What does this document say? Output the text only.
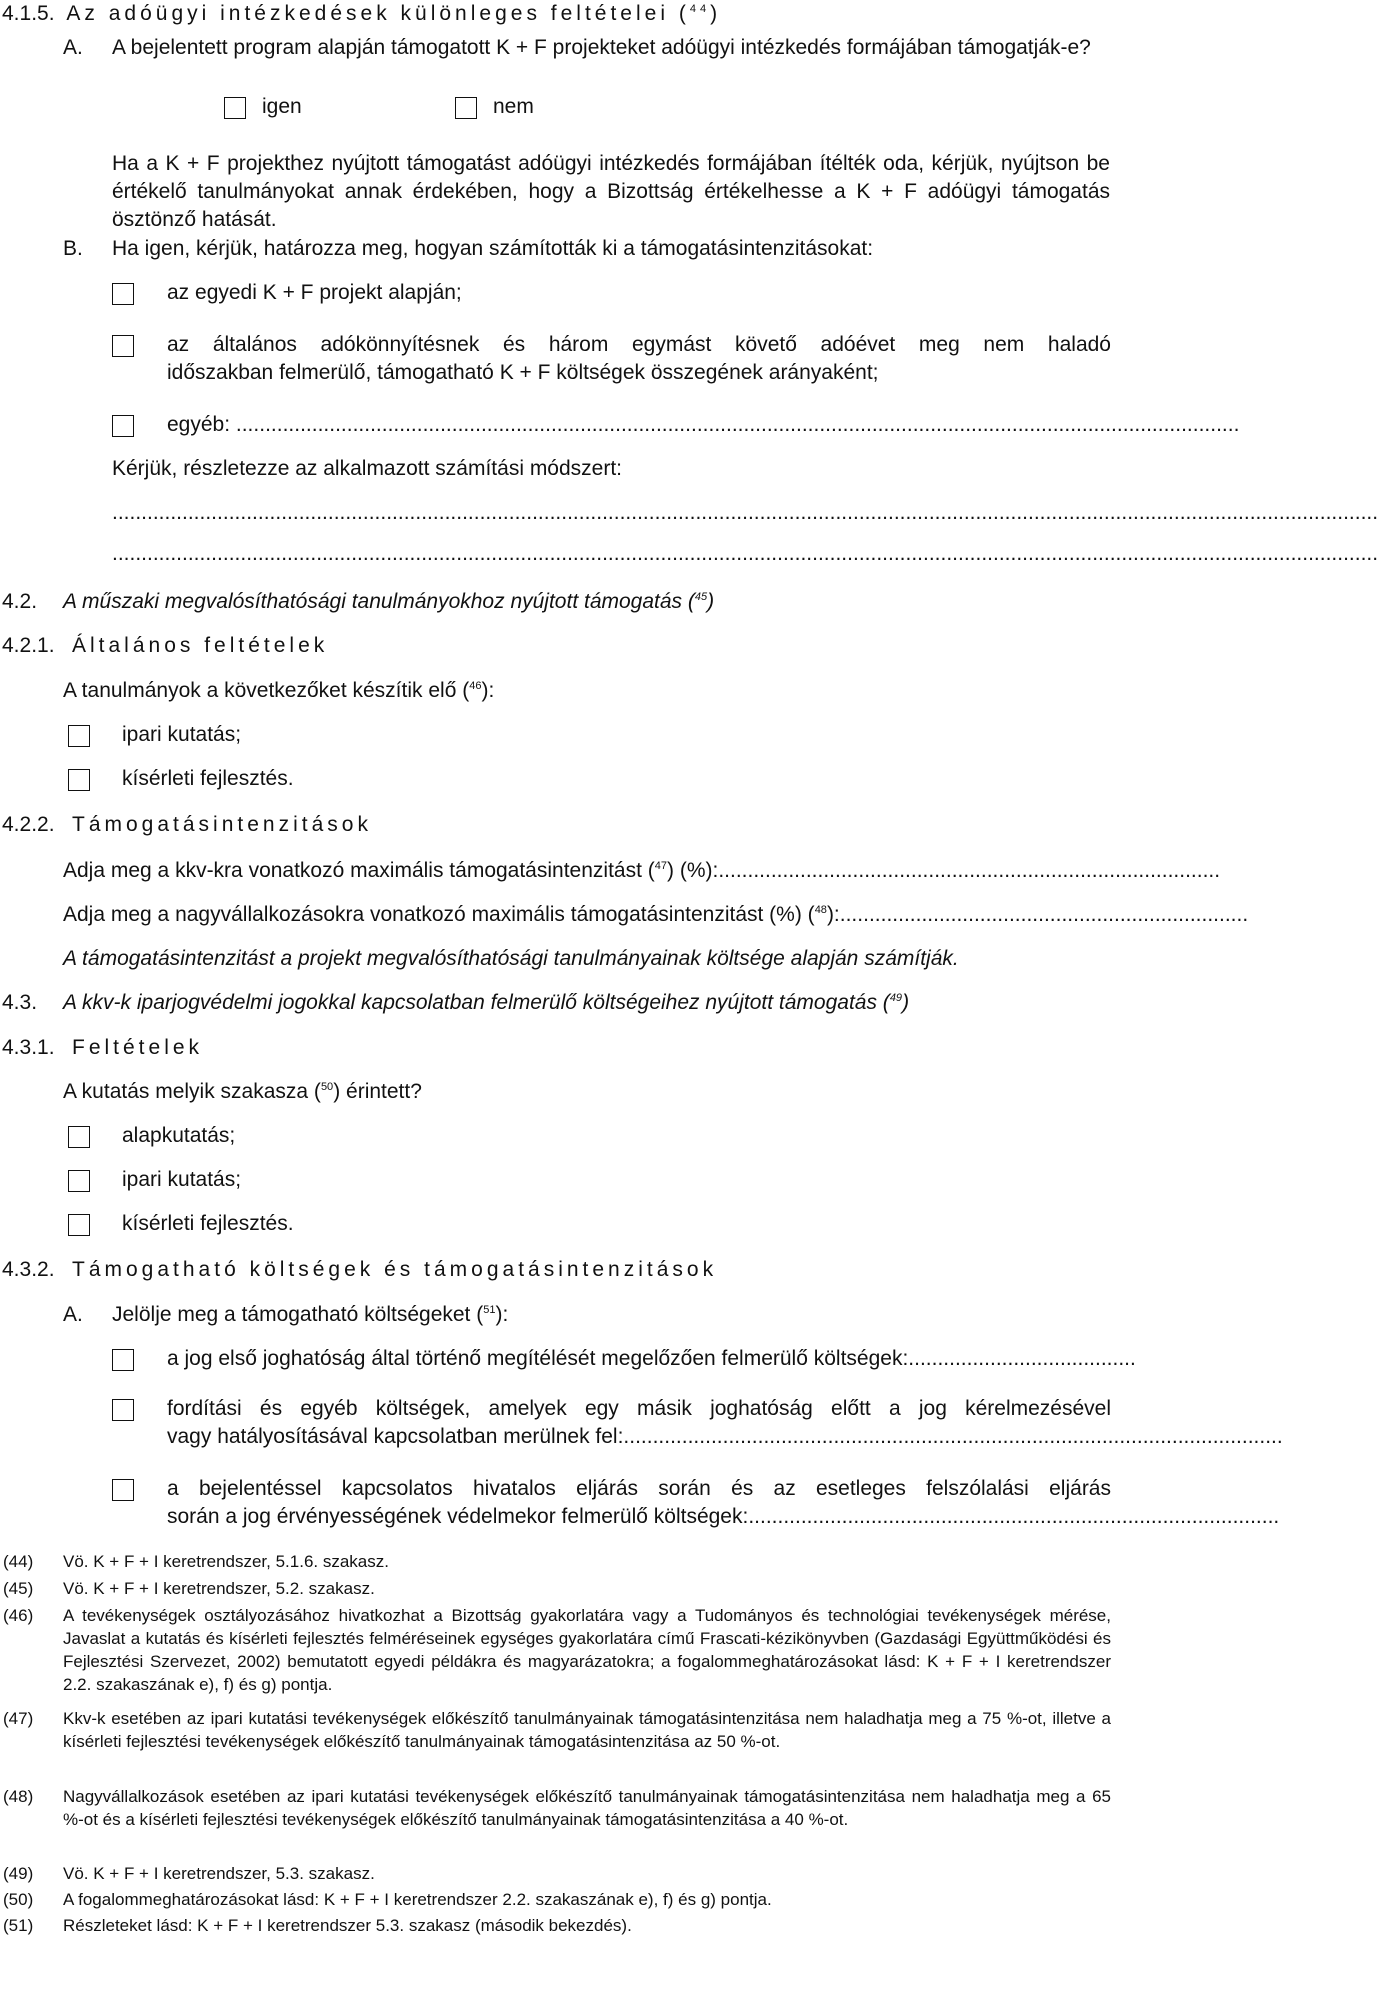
4.1.5. Az adóügyi intézkedések különleges feltételei ($^{44}$)
A. A bejelentett program alapján támogatott K + F projekteket adóügyi intézkedés formájában támogatják-e?
igen	nem
Ha a K + F projekthez nyújtott támogatást adóügyi intézkedés formájában ítélték oda, kérjük, nyújtson be értékelő tanulmányokat annak érdekében, hogy a Bizottság értékelhesse a K + F adóügyi támogatás ösztönző hatását.
B. Ha igen, kérjük, határozza meg, hogyan számították ki a támogatásintenzitásokat:
az egyedi K + F projekt alapján;
az általános adókönnyítésnek és három egymást követő adóévet meg nem haladó
időszakban felmerülő, támogatható K + F költségek összegének arányaként;
egyéb: ............................................................................................................................................................................
Kérjük, részletezze az alkalmazott számítási módszert:
.........................................................................................................................................................................................................................
.........................................................................................................................................................................................................................
4.2. A műszaki megvalósíthatósági tanulmányokhoz nyújtott támogatás ($^{45}$)
4.2.1. Általános feltételek
A tanulmányok a következőket készítik elő ($^{46}$):
ipari kutatás;
kísérleti fejlesztés.
4.2.2. Támogatásintenzitások
Adja meg a kkv-kra vonatkozó maximális támogatásintenzitást ($^{47}$) (%):......................................................................................
Adja meg a nagyvállalkozásokra vonatkozó maximális támogatásintenzitást (%) ($^{48}$):......................................................................
A támogatásintenzitást a projekt megvalósíthatósági tanulmányainak költsége alapján számítják.
4.3. A kkv-k iparjogvédelmi jogokkal kapcsolatban felmerülő költségeihez nyújtott támogatás ($^{49}$)
4.3.1. Feltételek
A kutatás melyik szakasza ($^{50}$) érintett?
alapkutatás;
ipari kutatás;
kísérleti fejlesztés.
4.3.2. Támogatható költségek és támogatásintenzitások
A. Jelölje meg a támogatható költségeket ($^{51}$):
a jog első joghatóság által történő megítélését megelőzően felmerülő költségek:.......................................
fordítási és egyéb költségek, amelyek egy másik joghatóság előtt a jog kérelmezésével
vagy hatályosításával kapcsolatban merülnek fel:.................................................................................................................
a bejelentéssel kapcsolatos hivatalos eljárás során és az esetleges felszólalási eljárás
során a jog érvényességének védelmekor felmerülő költségek:...........................................................................................
(44) Vö. K + F + I keretrendszer, 5.1.6. szakasz.
(45) Vö. K + F + I keretrendszer, 5.2. szakasz.
(46) A tevékenységek osztályozásához hivatkozhat a Bizottság gyakorlatára vagy a Tudományos és technológiai tevékenységek mérése, Javaslat a kutatás és kísérleti fejlesztés felméréseinek egységes gyakorlatára című Frascati-kézikönyvben (Gazdasági Együttműködési és Fejlesztési Szervezet, 2002) bemutatott egyedi példákra és magyarázatokra; a fogalommeghatározásokat lásd: K + F + I keretrendszer 2.2. szakaszának e), f) és g) pontja.
(47) Kkv-k esetében az ipari kutatási tevékenységek előkészítő tanulmányainak támogatásintenzitása nem haladhatja meg a 75 %-ot, illetve a kísérleti fejlesztési tevékenységek előkészítő tanulmányainak támogatásintenzitása az 50 %-ot.
(48) Nagyvállalkozások esetében az ipari kutatási tevékenységek előkészítő tanulmányainak támogatásintenzitása nem haladhatja meg a 65 %-ot és a kísérleti fejlesztési tevékenységek előkészítő tanulmányainak támogatásintenzitása a 40 %-ot.
(49) Vö. K + F + I keretrendszer, 5.3. szakasz.
(50) A fogalommeghatározásokat lásd: K + F + I keretrendszer 2.2. szakaszának e), f) és g) pontja.
(51) Részleteket lásd: K + F + I keretrendszer 5.3. szakasz (második bekezdés).
